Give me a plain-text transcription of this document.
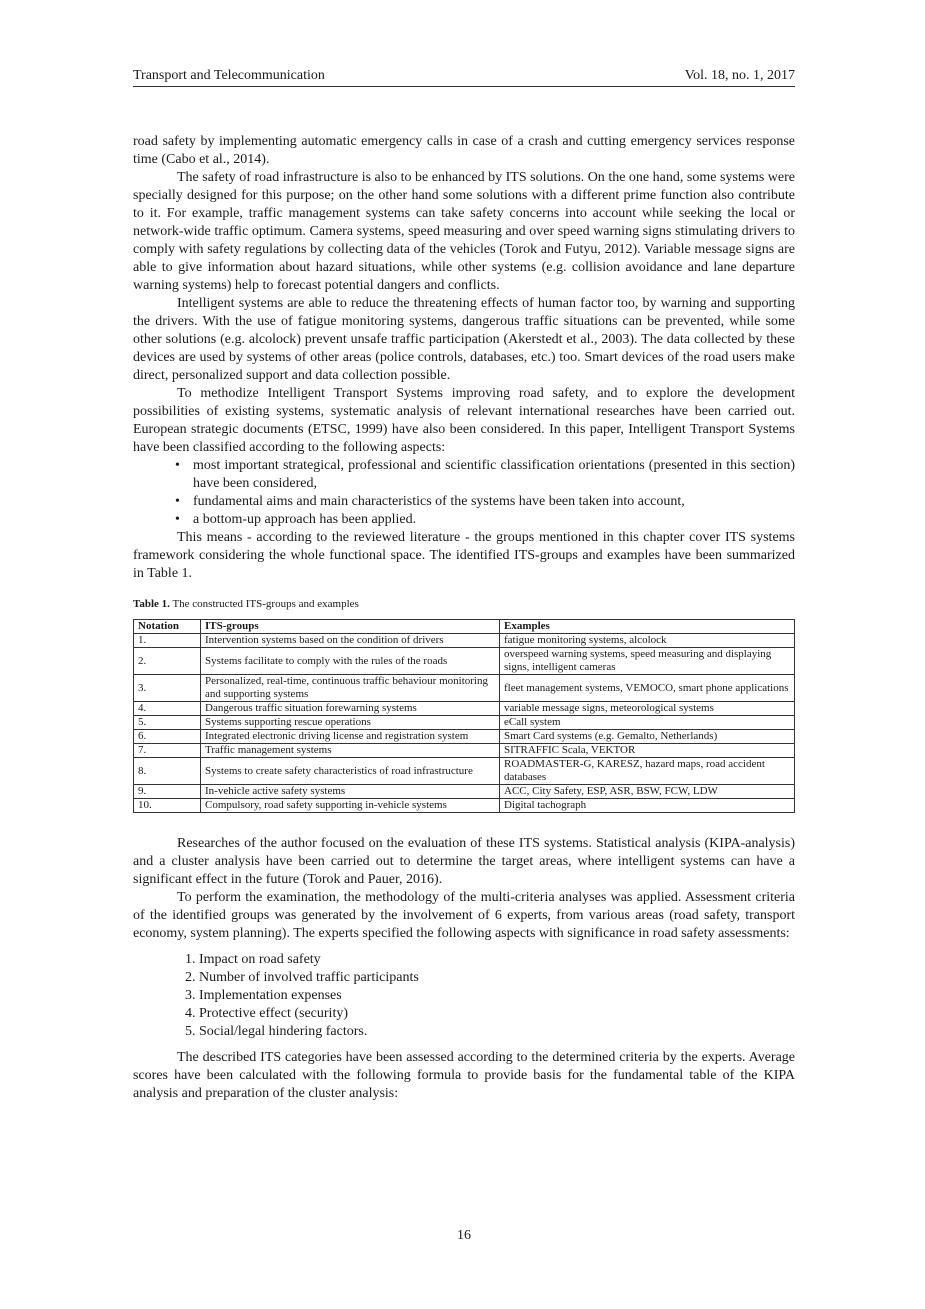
Transport and Telecommunication	Vol. 18, no. 1, 2017

road safety by implementing automatic emergency calls in case of a crash and cutting emergency services response time (Cabo et al., 2014).

The safety of road infrastructure is also to be enhanced by ITS solutions. On the one hand, some systems were specially designed for this purpose; on the other hand some solutions with a different prime function also contribute to it. For example, traffic management systems can take safety concerns into account while seeking the local or network-wide traffic optimum. Camera systems, speed measuring and over speed warning signs stimulating drivers to comply with safety regulations by collecting data of the vehicles (Torok and Futyu, 2012). Variable message signs are able to give information about hazard situations, while other systems (e.g. collision avoidance and lane departure warning systems) help to forecast potential dangers and conflicts.

Intelligent systems are able to reduce the threatening effects of human factor too, by warning and supporting the drivers. With the use of fatigue monitoring systems, dangerous traffic situations can be prevented, while some other solutions (e.g. alcolock) prevent unsafe traffic participation (Akerstedt et al., 2003). The data collected by these devices are used by systems of other areas (police controls, databases, etc.) too. Smart devices of the road users make direct, personalized support and data collection possible.

To methodize Intelligent Transport Systems improving road safety, and to explore the development possibilities of existing systems, systematic analysis of relevant international researches have been carried out. European strategic documents (ETSC, 1999) have also been considered. In this paper, Intelligent Transport Systems have been classified according to the following aspects:

• most important strategical, professional and scientific classification orientations (presented in this section) have been considered,
• fundamental aims and main characteristics of the systems have been taken into account,
• a bottom-up approach has been applied.

This means - according to the reviewed literature - the groups mentioned in this chapter cover ITS systems framework considering the whole functional space. The identified ITS-groups and examples have been summarized in Table 1.

Table 1. The constructed ITS-groups and examples
Notation	ITS-groups	Examples
1.	Intervention systems based on the condition of drivers	fatigue monitoring systems, alcolock
2.	Systems facilitate to comply with the rules of the roads	overspeed warning systems, speed measuring and displaying signs, intelligent cameras
3.	Personalized, real-time, continuous traffic behaviour monitoring and supporting systems	fleet management systems, VEMOCO, smart phone applications
4.	Dangerous traffic situation forewarning systems	variable message signs, meteorological systems
5.	Systems supporting rescue operations	eCall system
6.	Integrated electronic driving license and registration system	Smart Card systems (e.g. Gemalto, Netherlands)
7.	Traffic management systems	SITRAFFIC Scala, VEKTOR
8.	Systems to create safety characteristics of road infrastructure	ROADMASTER-G, KARESZ, hazard maps, road accident databases
9.	In-vehicle active safety systems	ACC, City Safety, ESP, ASR, BSW, FCW, LDW
10.	Compulsory, road safety supporting in-vehicle systems	Digital tachograph

Researches of the author focused on the evaluation of these ITS systems. Statistical analysis (KIPA-analysis) and a cluster analysis have been carried out to determine the target areas, where intelligent systems can have a significant effect in the future (Torok and Pauer, 2016).

To perform the examination, the methodology of the multi-criteria analyses was applied. Assessment criteria of the identified groups was generated by the involvement of 6 experts, from various areas (road safety, transport economy, system planning). The experts specified the following aspects with significance in road safety assessments:

1. Impact on road safety
2. Number of involved traffic participants
3. Implementation expenses
4. Protective effect (security)
5. Social/legal hindering factors.

The described ITS categories have been assessed according to the determined criteria by the experts. Average scores have been calculated with the following formula to provide basis for the fundamental table of the KIPA analysis and preparation of the cluster analysis:

16
